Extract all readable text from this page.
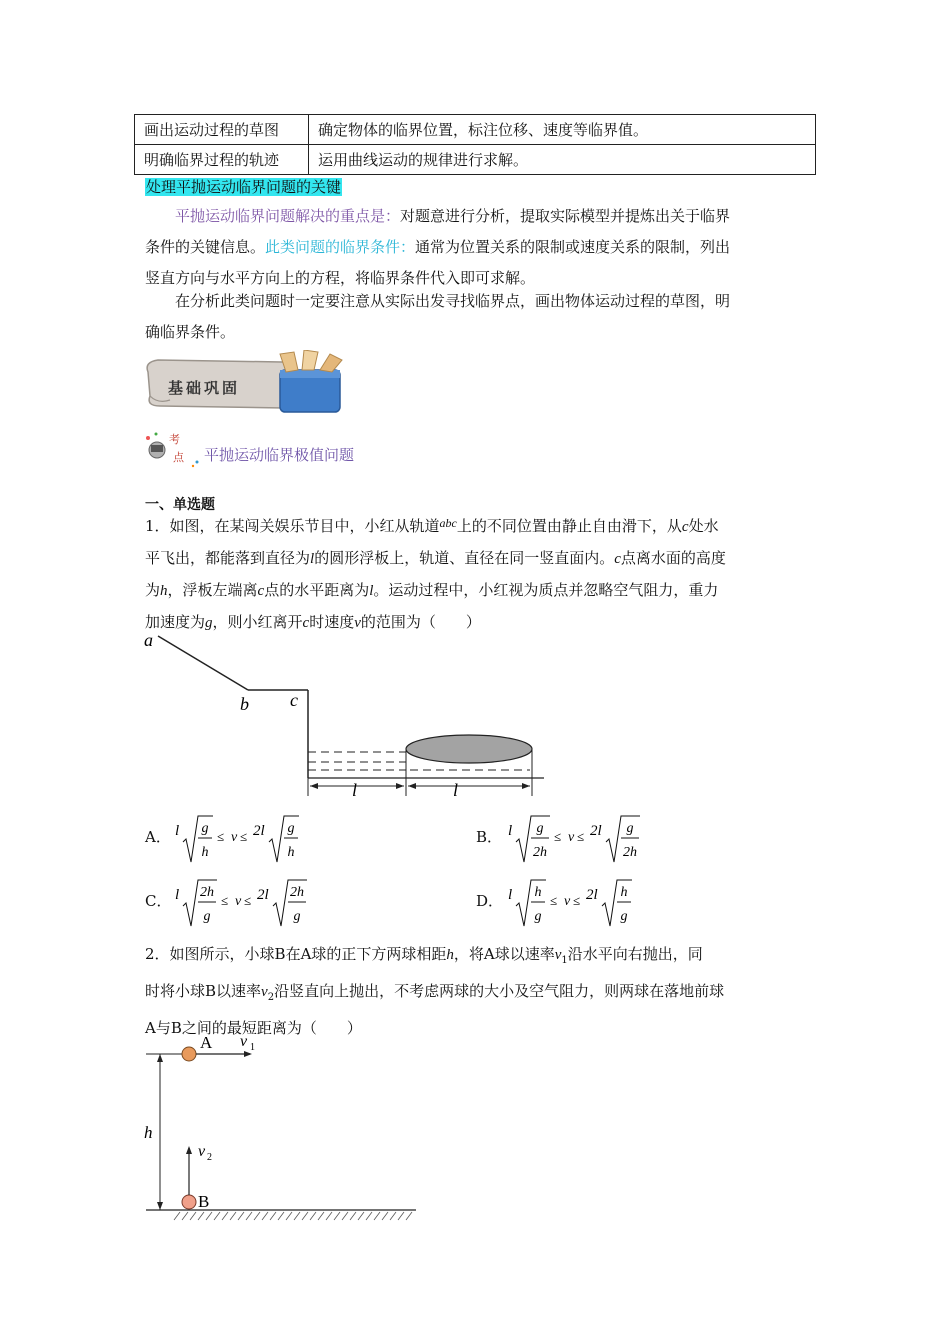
画出运动过程的草图	确定物体的临界位置，标注位移、速度等临界值。
明确临界过程的轨迹	运用曲线运动的规律进行求解。
处理平抛运动临界问题的关键
平抛运动临界问题解决的重点是：对题意进行分析，提取实际模型并提炼出关于临界
条件的关键信息。此类问题的临界条件：通常为位置关系的限制或速度关系的限制，列出
竖直方向与水平方向上的方程，将临界条件代入即可求解。
在分析此类问题时一定要注意从实际出发寻找临界点，画出物体运动过程的草图，明
确临界条件。
基础巩固
考
点 平抛运动临界极值问题
一、单选题
1．如图，在某闯关娱乐节目中，小红从轨道$^{abc}$上的不同位置由静止自由滑下，从c处水
平飞出，都能落到直径为l的圆形浮板上，轨道、直径在同一竖直面内。c点离水面的高度
为h，浮板左端离c点的水平距离为l。运动过程中，小红视为质点并忽略空气阻力，重力
加速度为g，则小红离开c时速度v的范围为（　　）
a
b c
l	l
A． l g
h
≤ v ≤ 2l g
h
B． l g
2h
≤ v ≤ 2l g
2h
C． l 2h
g
≤ v ≤ 2l 2h
g
D． l h
g
≤ v ≤ 2l h
g
2．如图所示，小球B在A球的正下方两球相距h，将A球以速率$v_1$沿水平向右抛出，同
时将小球B以速率$v_2$沿竖直向上抛出，不考虑两球的大小及空气阻力，则两球在落地前球
A与B之间的最短距离为（　　）
A
B
v 1
v 2
h
